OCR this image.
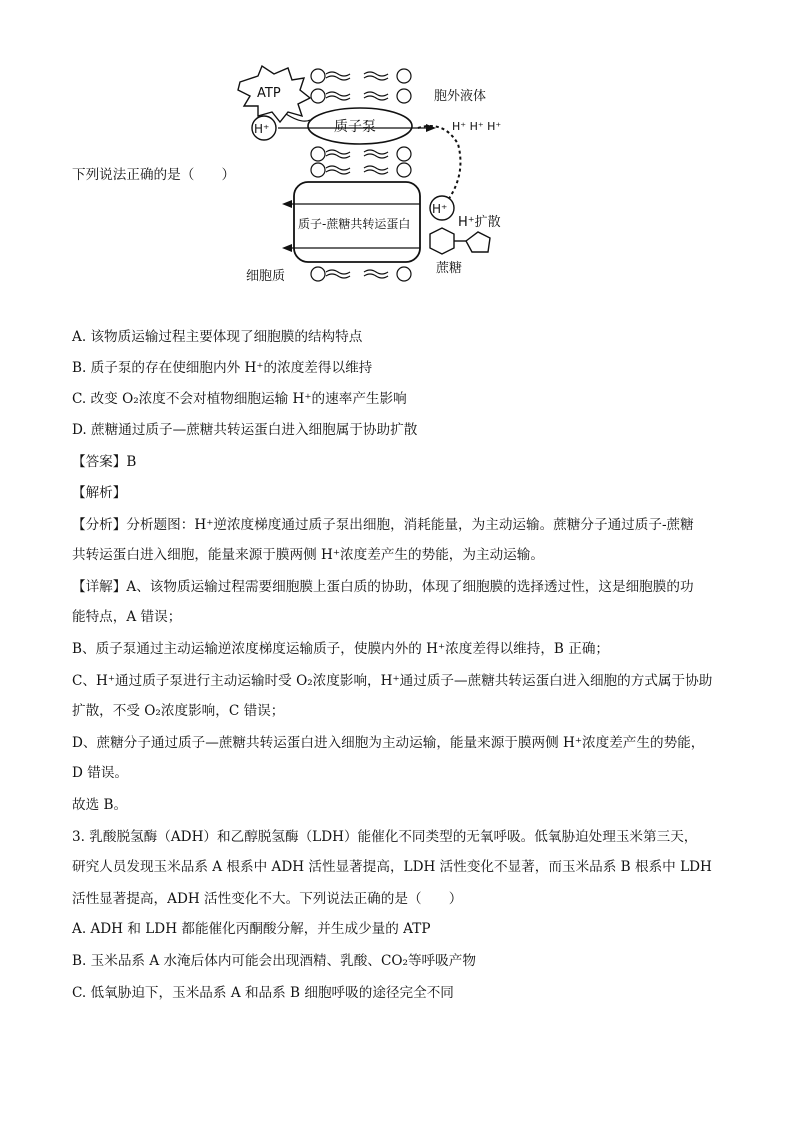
ATP
H⁺	质子泵
胞外液体
H⁺ H⁺ H⁺
质子-蔗糖共转运蛋白
H⁺
H⁺扩散
蔗糖
细胞质
下列说法正确的是（　　）
A. 该物质运输过程主要体现了细胞膜的结构特点
B. 质子泵的存在使细胞内外 H⁺的浓度差得以维持
C. 改变 O₂浓度不会对植物细胞运输 H⁺的速率产生影响
D. 蔗糖通过质子—蔗糖共转运蛋白进入细胞属于协助扩散
【答案】B
【解析】
【分析】分析题图：H⁺逆浓度梯度通过质子泵出细胞，消耗能量，为主动运输。蔗糖分子通过质子-蔗糖
共转运蛋白进入细胞，能量来源于膜两侧 H⁺浓度差产生的势能，为主动运输。
【详解】A、该物质运输过程需要细胞膜上蛋白质的协助，体现了细胞膜的选择透过性，这是细胞膜的功
能特点，A 错误；
B、质子泵通过主动运输逆浓度梯度运输质子，使膜内外的 H⁺浓度差得以维持，B 正确；
C、H⁺通过质子泵进行主动运输时受 O₂浓度影响，H⁺通过质子—蔗糖共转运蛋白进入细胞的方式属于协助
扩散，不受 O₂浓度影响，C 错误；
D、蔗糖分子通过质子—蔗糖共转运蛋白进入细胞为主动运输，能量来源于膜两侧 H⁺浓度差产生的势能，
D 错误。
故选 B。
3. 乳酸脱氢酶（ADH）和乙醇脱氢酶（LDH）能催化不同类型的无氧呼吸。低氧胁迫处理玉米第三天，
研究人员发现玉米品系 A 根系中 ADH 活性显著提高，LDH 活性变化不显著，而玉米品系 B 根系中 LDH
活性显著提高，ADH 活性变化不大。下列说法正确的是（　　）
A. ADH 和 LDH 都能催化丙酮酸分解，并生成少量的 ATP
B. 玉米品系 A 水淹后体内可能会出现酒精、乳酸、CO₂等呼吸产物
C. 低氧胁迫下，玉米品系 A 和品系 B 细胞呼吸的途径完全不同
